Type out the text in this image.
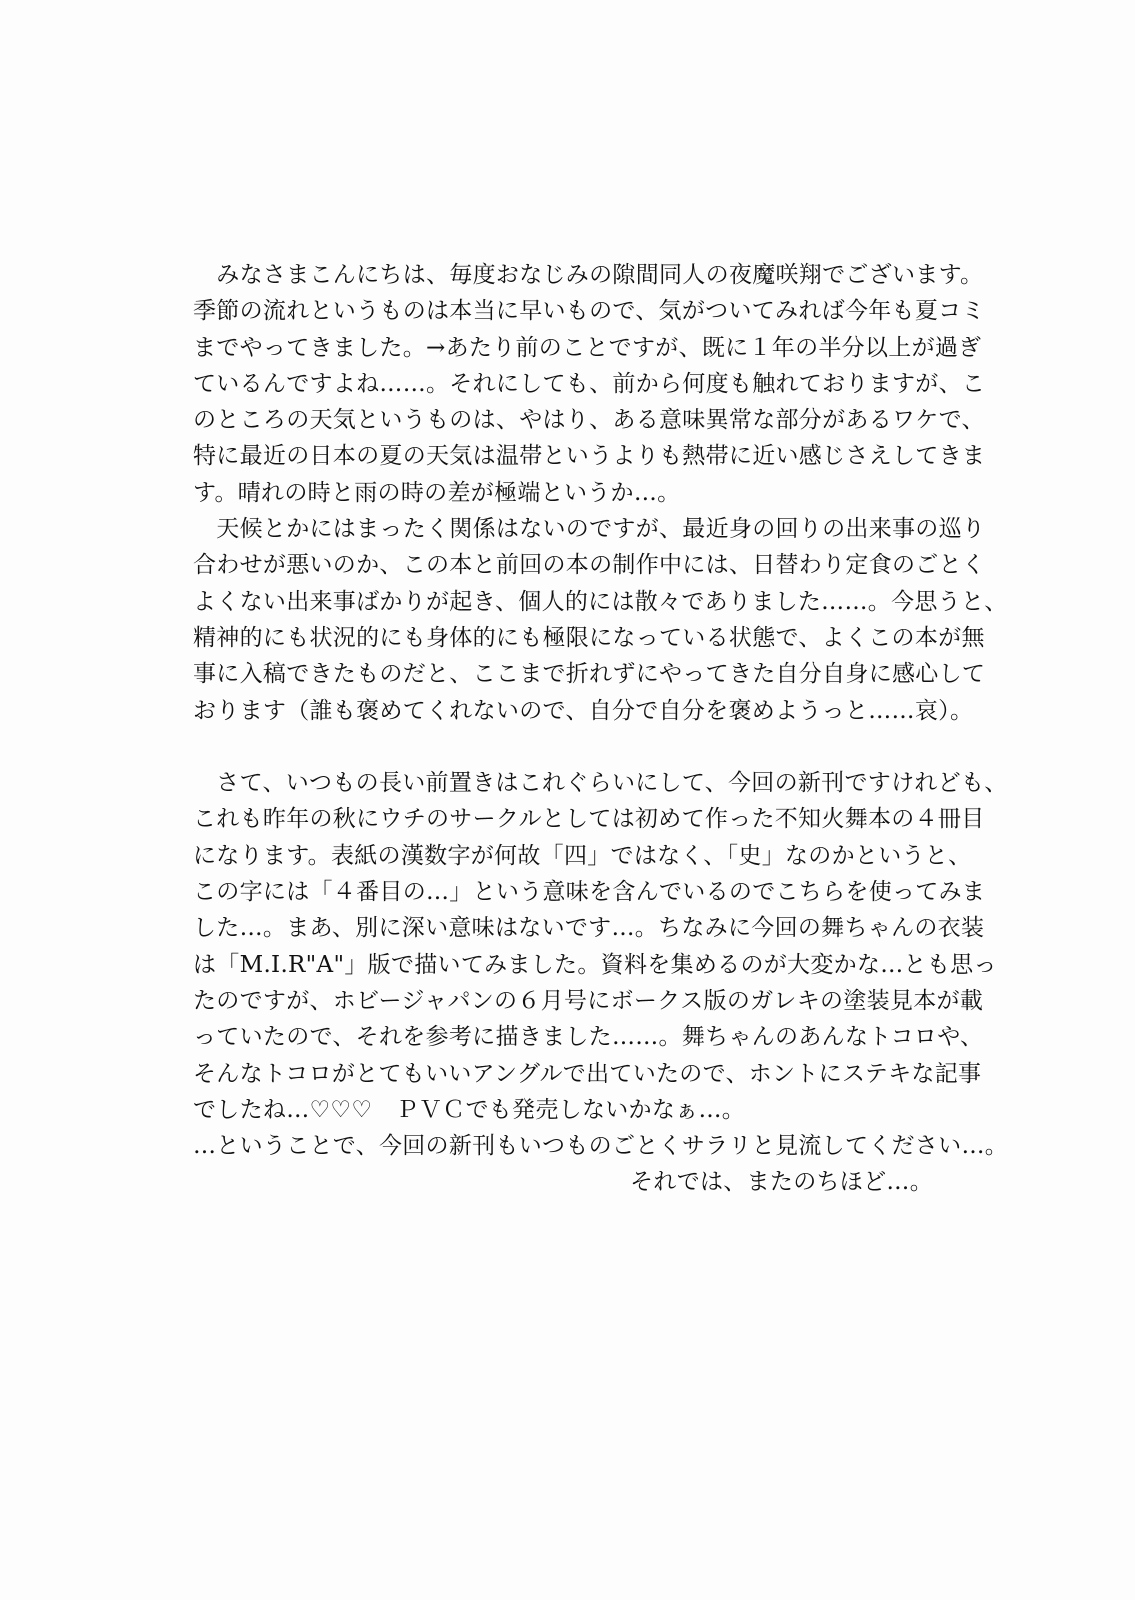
　みなさまこんにちは、毎度おなじみの隙間同人の夜魔咲翔でございます。
季節の流れというものは本当に早いもので、気がついてみれば今年も夏コミ
までやってきました。→あたり前のことですが、既に１年の半分以上が過ぎ
ているんですよね……。それにしても、前から何度も触れておりますが、こ
のところの天気というものは、やはり、ある意味異常な部分があるワケで、
特に最近の日本の夏の天気は温帯というよりも熱帯に近い感じさえしてきま
す。晴れの時と雨の時の差が極端というか…。
　天候とかにはまったく関係はないのですが、最近身の回りの出来事の巡り
合わせが悪いのか、この本と前回の本の制作中には、日替わり定食のごとく
よくない出来事ばかりが起き、個人的には散々でありました……。今思うと、
精神的にも状況的にも身体的にも極限になっている状態で、よくこの本が無
事に入稿できたものだと、ここまで折れずにやってきた自分自身に感心して
おります（誰も褒めてくれないので、自分で自分を褒めようっと……哀）。
　さて、いつもの長い前置きはこれぐらいにして、今回の新刊ですけれども、
これも昨年の秋にウチのサークルとしては初めて作った不知火舞本の４冊目
になります。表紙の漢数字が何故「四」ではなく、「史」なのかというと、
この字には「４番目の…」という意味を含んでいるのでこちらを使ってみま
した…。まあ、別に深い意味はないです…。ちなみに今回の舞ちゃんの衣装
は「M.I.R"A"」版で描いてみました。資料を集めるのが大変かな…とも思っ
たのですが、ホビージャパンの６月号にボークス版のガレキの塗装見本が載
っていたので、それを参考に描きました……。舞ちゃんのあんなトコロや、
そんなトコロがとてもいいアングルで出ていたので、ホントにステキな記事
でしたね…♡♡♡　ＰＶＣでも発売しないかなぁ…。
…ということで、今回の新刊もいつものごとくサラリと見流してください…。
それでは、またのちほど…。
